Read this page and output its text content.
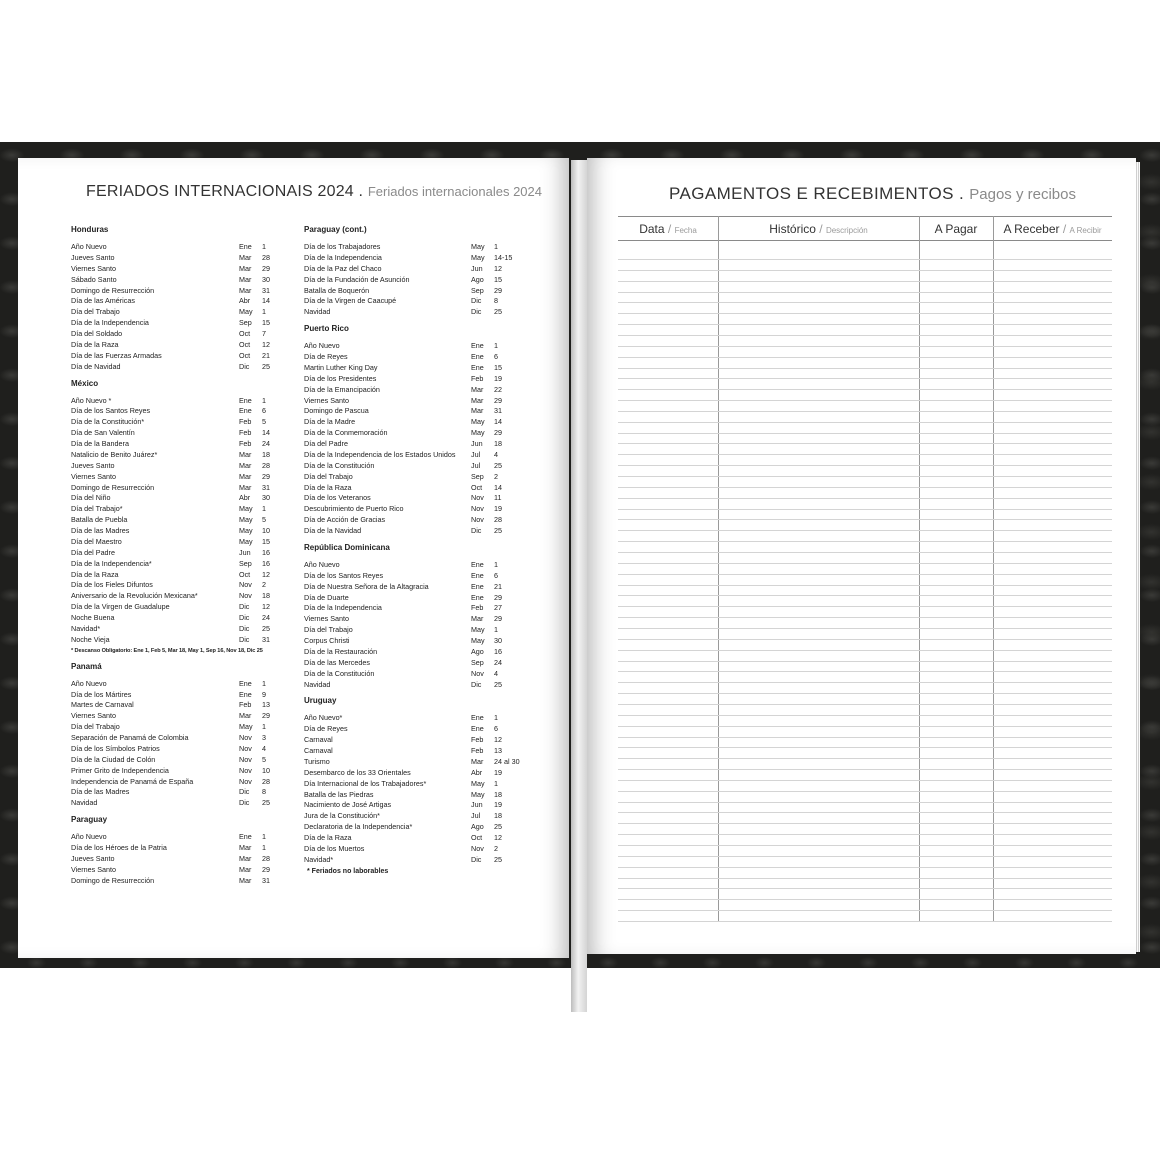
FERIADOS INTERNACIONAIS 2024 . Feriados internacionales 2024
Honduras
Año Nuevo	Ene 1
Jueves Santo	Mar 28
Viernes Santo	Mar 29
Sábado Santo	Mar 30
Domingo de Resurrección	Mar 31
Día de las Américas	Abr 14
Día del Trabajo	May 1
Día de la Independencia	Sep 15
Día del Soldado	Oct 7
Día de la Raza	Oct 12
Día de las Fuerzas Armadas	Oct 21
Día de Navidad	Dic 25
México
Año Nuevo *	Ene 1
Día de los Santos Reyes	Ene 6
Día de la Constitución*	Feb 5
Día de San Valentín	Feb 14
Día de la Bandera	Feb 24
Natalicio de Benito Juárez*	Mar 18
Jueves Santo	Mar 28
Viernes Santo	Mar 29
Domingo de Resurrección	Mar 31
Día del Niño	Abr 30
Día del Trabajo*	May 1
Batalla de Puebla	May 5
Día de las Madres	May 10
Día del Maestro	May 15
Día del Padre	Jun 16
Día de la Independencia*	Sep 16
Día de la Raza	Oct 12
Día de los Fieles Difuntos	Nov 2
Aniversario de la Revolución Mexicana*	Nov 18
Día de la Virgen de Guadalupe	Dic 12
Noche Buena	Dic 24
Navidad*	Dic 25
Noche Vieja	Dic 31
* Descanso Obligatorio: Ene 1, Feb 5, Mar 18, May 1, Sep 16, Nov 18, Dic 25
Panamá
Año Nuevo	Ene 1
Día de los Mártires	Ene 9
Martes de Carnaval	Feb 13
Viernes Santo	Mar 29
Día del Trabajo	May 1
Separación de Panamá de Colombia	Nov 3
Día de los Símbolos Patrios	Nov 4
Día de la Ciudad de Colón	Nov 5
Primer Grito de Independencia	Nov 10
Independencia de Panamá de España	Nov 28
Día de las Madres	Dic 8
Navidad	Dic 25
Paraguay
Año Nuevo	Ene 1
Día de los Héroes de la Patria	Mar 1
Jueves Santo	Mar 28
Viernes Santo	Mar 29
Domingo de Resurrección	Mar 31
Paraguay (cont.)
Día de los Trabajadores	May 1
Día de la Independencia	May 14-15
Día de la Paz del Chaco	Jun 12
Día de la Fundación de Asunción	Ago 15
Batalla de Boquerón	Sep 29
Día de la Virgen de Caacupé	Dic 8
Navidad	Dic 25
Puerto Rico
Año Nuevo	Ene 1
Día de Reyes	Ene 6
Martin Luther King Day	Ene 15
Día de los Presidentes	Feb 19
Día de la Emancipación	Mar 22
Viernes Santo	Mar 29
Domingo de Pascua	Mar 31
Día de la Madre	May 14
Día de la Conmemoración	May 29
Día del Padre	Jun 18
Día de la Independencia de los Estados Unidos Jul 4
Día de la Constitución	Jul 25
Día del Trabajo	Sep 2
Día de la Raza	Oct 14
Día de los Veteranos	Nov 11
Descubrimiento de Puerto Rico	Nov 19
Día de Acción de Gracias	Nov 28
Día de la Navidad	Dic 25
República Dominicana
Año Nuevo	Ene 1
Día de los Santos Reyes	Ene 6
Día de Nuestra Señora de la Altagracia	Ene 21
Día de Duarte	Ene 29
Día de la Independencia	Feb 27
Viernes Santo	Mar 29
Día del Trabajo	May 1
Corpus Christi	May 30
Día de la Restauración	Ago 16
Día de las Mercedes	Sep 24
Día de la Constitución	Nov 4
Navidad	Dic 25
Uruguay
Año Nuevo*	Ene 1
Día de Reyes	Ene 6
Carnaval	Feb 12
Carnaval	Feb 13
Turismo	Mar 24 al 30
Desembarco de los 33 Orientales	Abr 19
Día Internacional de los Trabajadores*	May 1
Batalla de las Piedras	May 18
Nacimiento de José Artigas	Jun 19
Jura de la Constitución*	Jul 18
Declaratoria de la Independencia*	Ago 25
Día de la Raza	Oct 12
Día de los Muertos	Nov 2
Navidad*	Dic 25
* Feriados no laborables
PAGAMENTOS E RECEBIMENTOS . Pagos y recibos
Data / Fecha	Histórico / Descripción	A Pagar	A Receber / A Recibir
